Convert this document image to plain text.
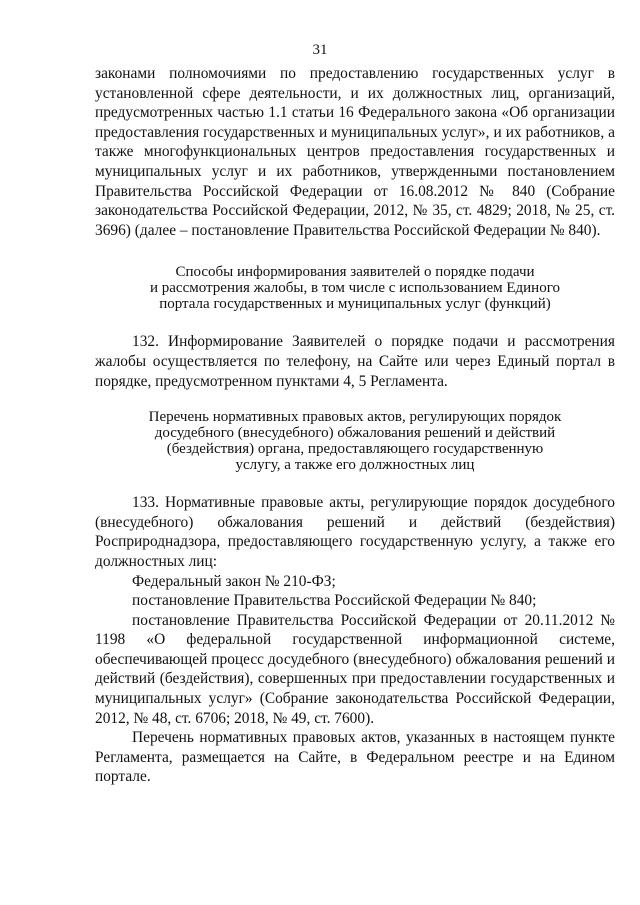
31

законами полномочиями по предоставлению государственных услуг в установленной сфере деятельности, и их должностных лиц, организаций, предусмотренных частью 1.1 статьи 16 Федерального закона «Об организации предоставления государственных и муниципальных услуг», и их работников, а также многофункциональных центров предоставления государственных и муниципальных услуг и их работников, утвержденными постановлением Правительства Российской Федерации от 16.08.2012 № 840 (Собрание законодательства Российской Федерации, 2012, № 35, ст. 4829; 2018, № 25, ст. 3696) (далее – постановление Правительства Российской Федерации № 840).

Способы информирования заявителей о порядке подачи
и рассмотрения жалобы, в том числе с использованием Единого
портала государственных и муниципальных услуг (функций)

132. Информирование Заявителей о порядке подачи и рассмотрения жалобы осуществляется по телефону, на Сайте или через Единый портал в порядке, предусмотренном пунктами 4, 5 Регламента.

Перечень нормативных правовых актов, регулирующих порядок
досудебного (внесудебного) обжалования решений и действий
(бездействия) органа, предоставляющего государственную
услугу, а также его должностных лиц

133. Нормативные правовые акты, регулирующие порядок досудебного (внесудебного) обжалования решений и действий (бездействия) Росприроднадзора, предоставляющего государственную услугу, а также его должностных лиц:

Федеральный закон № 210-ФЗ;

постановление Правительства Российской Федерации № 840;

постановление Правительства Российской Федерации от 20.11.2012 № 1198 «О федеральной государственной информационной системе, обеспечивающей процесс досудебного (внесудебного) обжалования решений и действий (бездействия), совершенных при предоставлении государственных и муниципальных услуг» (Собрание законодательства Российской Федерации, 2012, № 48, ст. 6706; 2018, № 49, ст. 7600).

Перечень нормативных правовых актов, указанных в настоящем пункте Регламента, размещается на Сайте, в Федеральном реестре и на Едином портале.
